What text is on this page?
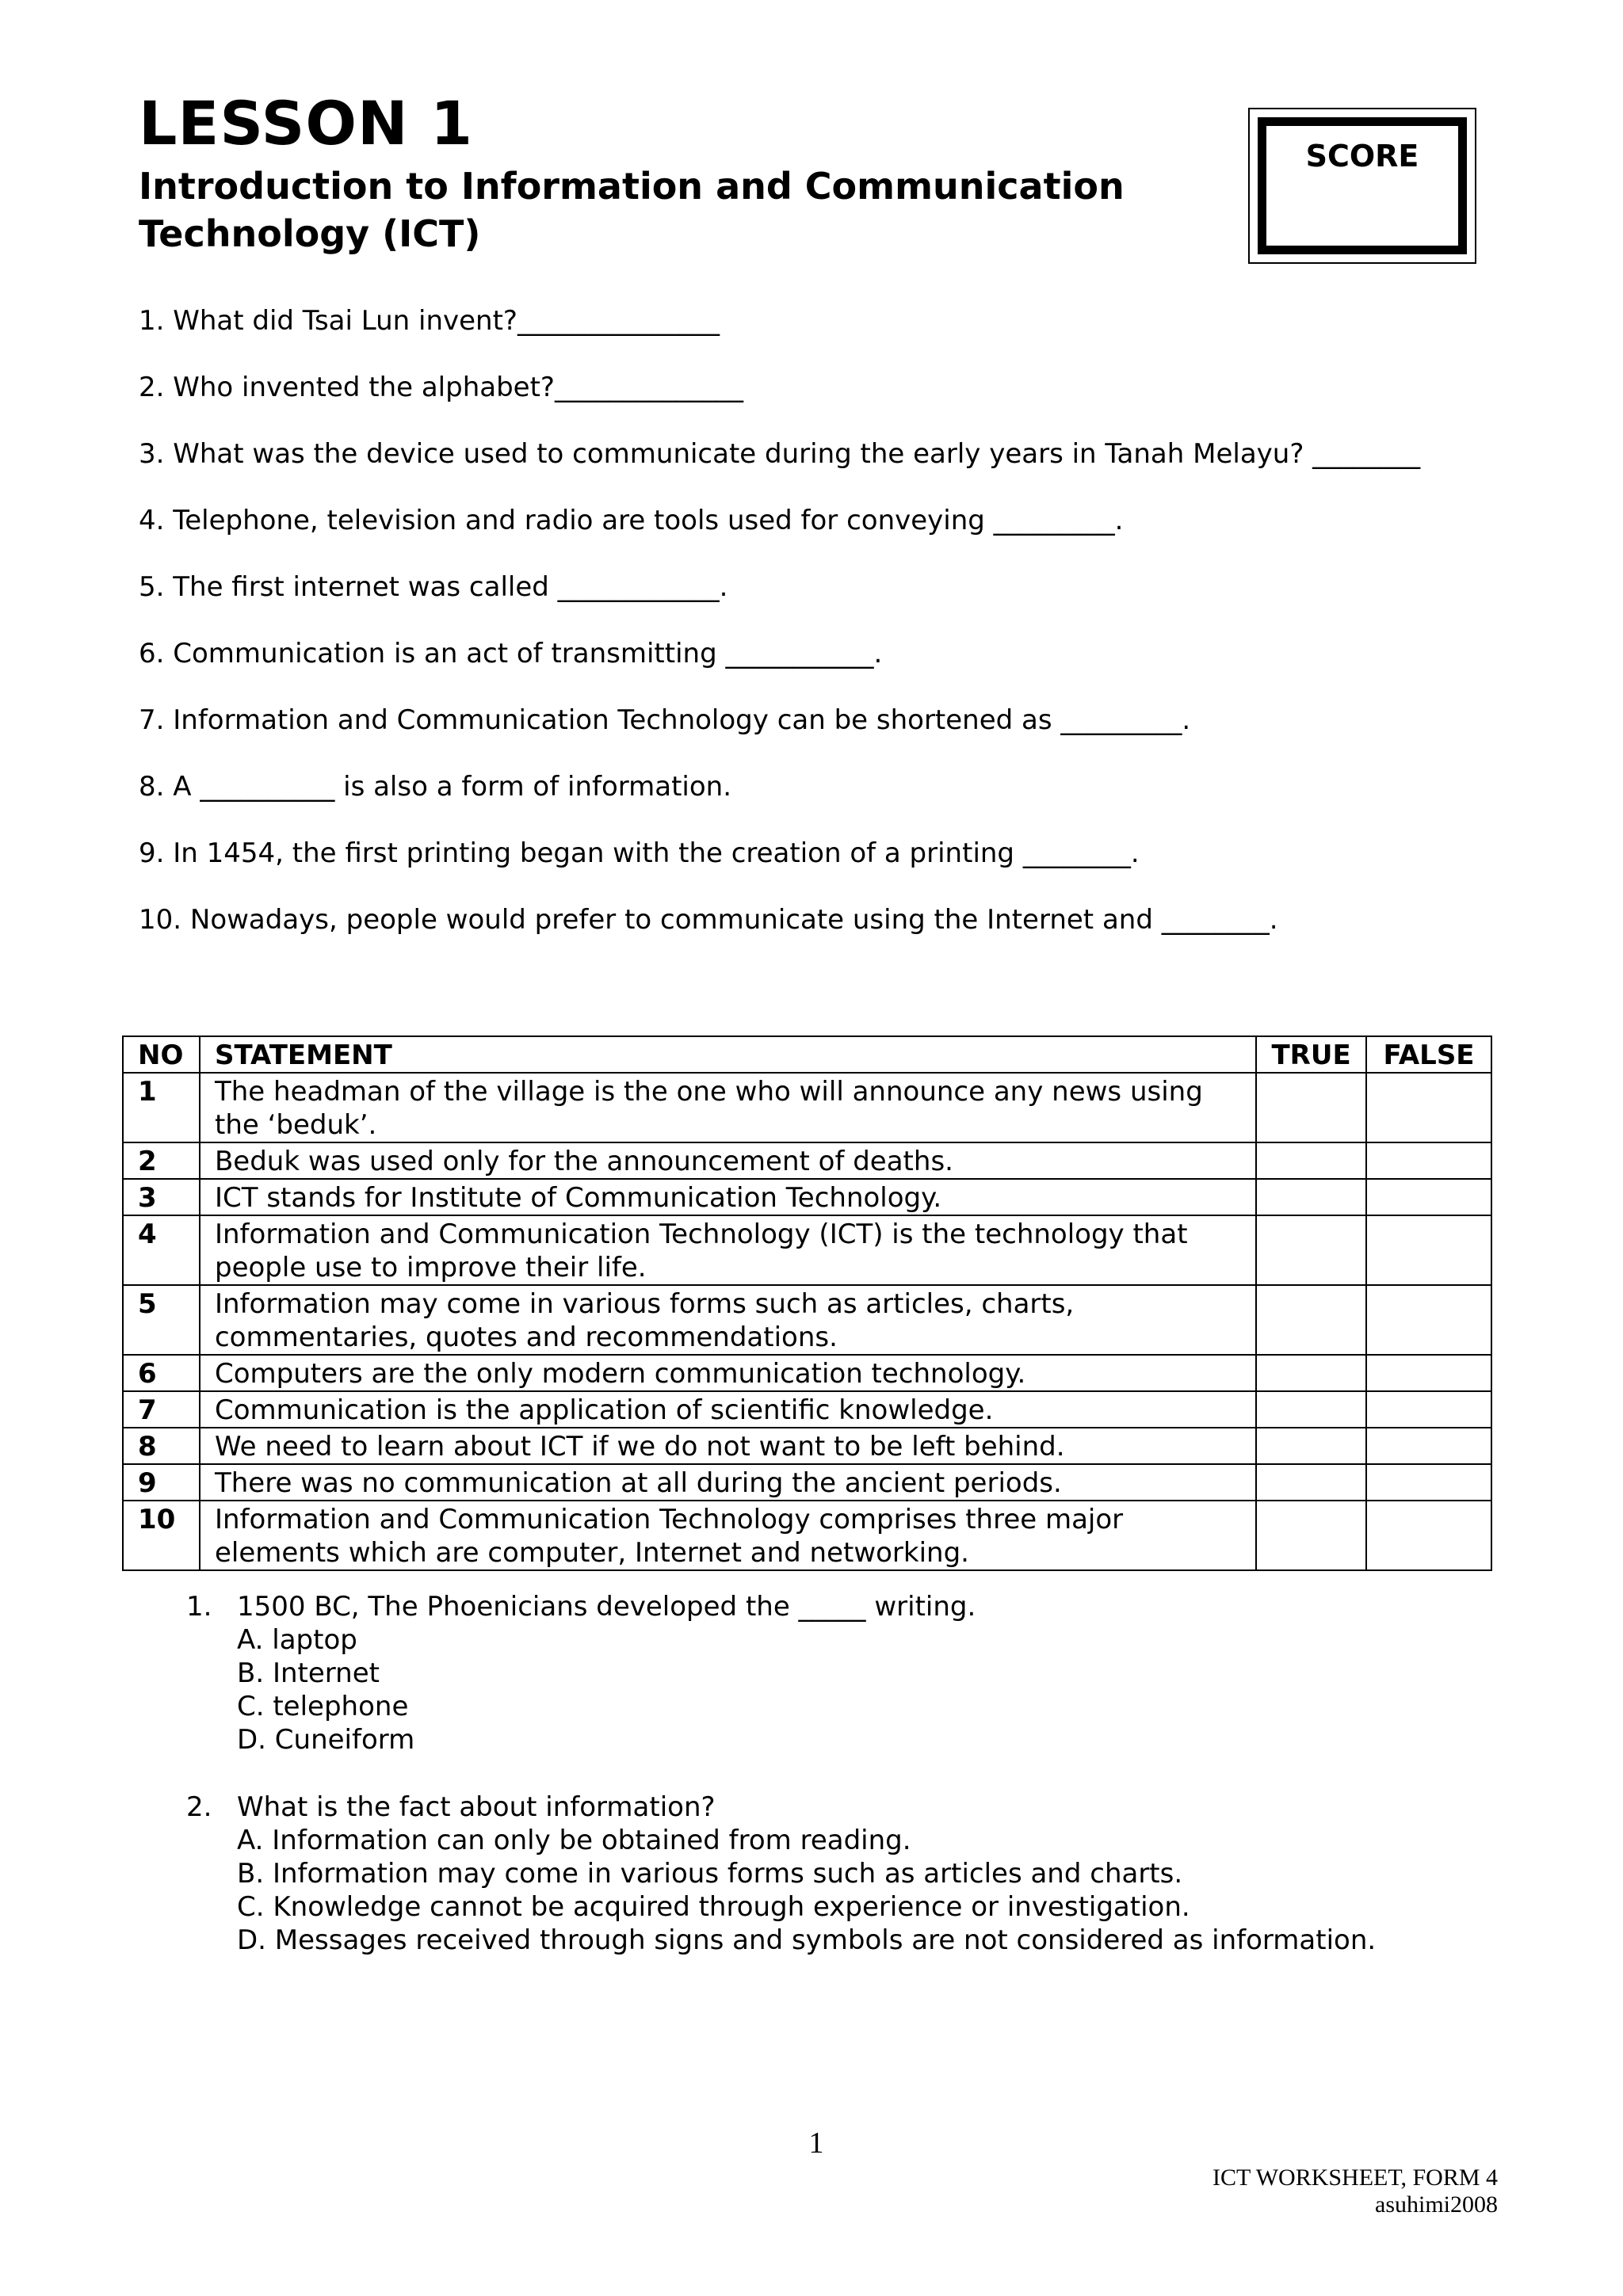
LESSON 1
Introduction to Information and Communication Technology (ICT)
SCORE
1. What did Tsai Lun invent?_______________
2. Who invented the alphabet?______________
3. What was the device used to communicate during the early years in Tanah Melayu? ________
4. Telephone, television and radio are tools used for conveying _________.
5. The first internet was called ____________.
6. Communication is an act of transmitting ___________.
7. Information and Communication Technology can be shortened as _________.
8. A __________ is also a form of information.
9. In 1454, the first printing began with the creation of a printing ________.
10. Nowadays, people would prefer to communicate using the Internet and ________.
NO	STATEMENT	TRUE	FALSE
1	The headman of the village is the one who will announce any news using the ‘beduk’.		
2	Beduk was used only for the announcement of deaths.		
3	ICT stands for Institute of Communication Technology.		
4	Information and Communication Technology (ICT) is the technology that people use to improve their life.		
5	Information may come in various forms such as articles, charts, commentaries, quotes and recommendations.		
6	Computers are the only modern communication technology.		
7	Communication is the application of scientific knowledge.		
8	We need to learn about ICT if we do not want to be left behind.		
9	There was no communication at all during the ancient periods.		
10	Information and Communication Technology comprises three major elements which are computer, Internet and networking.		
1. 1500 BC, The Phoenicians developed the _____ writing.
A. laptop
B. Internet
C. telephone
D. Cuneiform
2. What is the fact about information?
A. Information can only be obtained from reading.
B. Information may come in various forms such as articles and charts.
C. Knowledge cannot be acquired through experience or investigation.
D. Messages received through signs and symbols are not considered as information.
1
ICT WORKSHEET, FORM 4
asuhimi2008
